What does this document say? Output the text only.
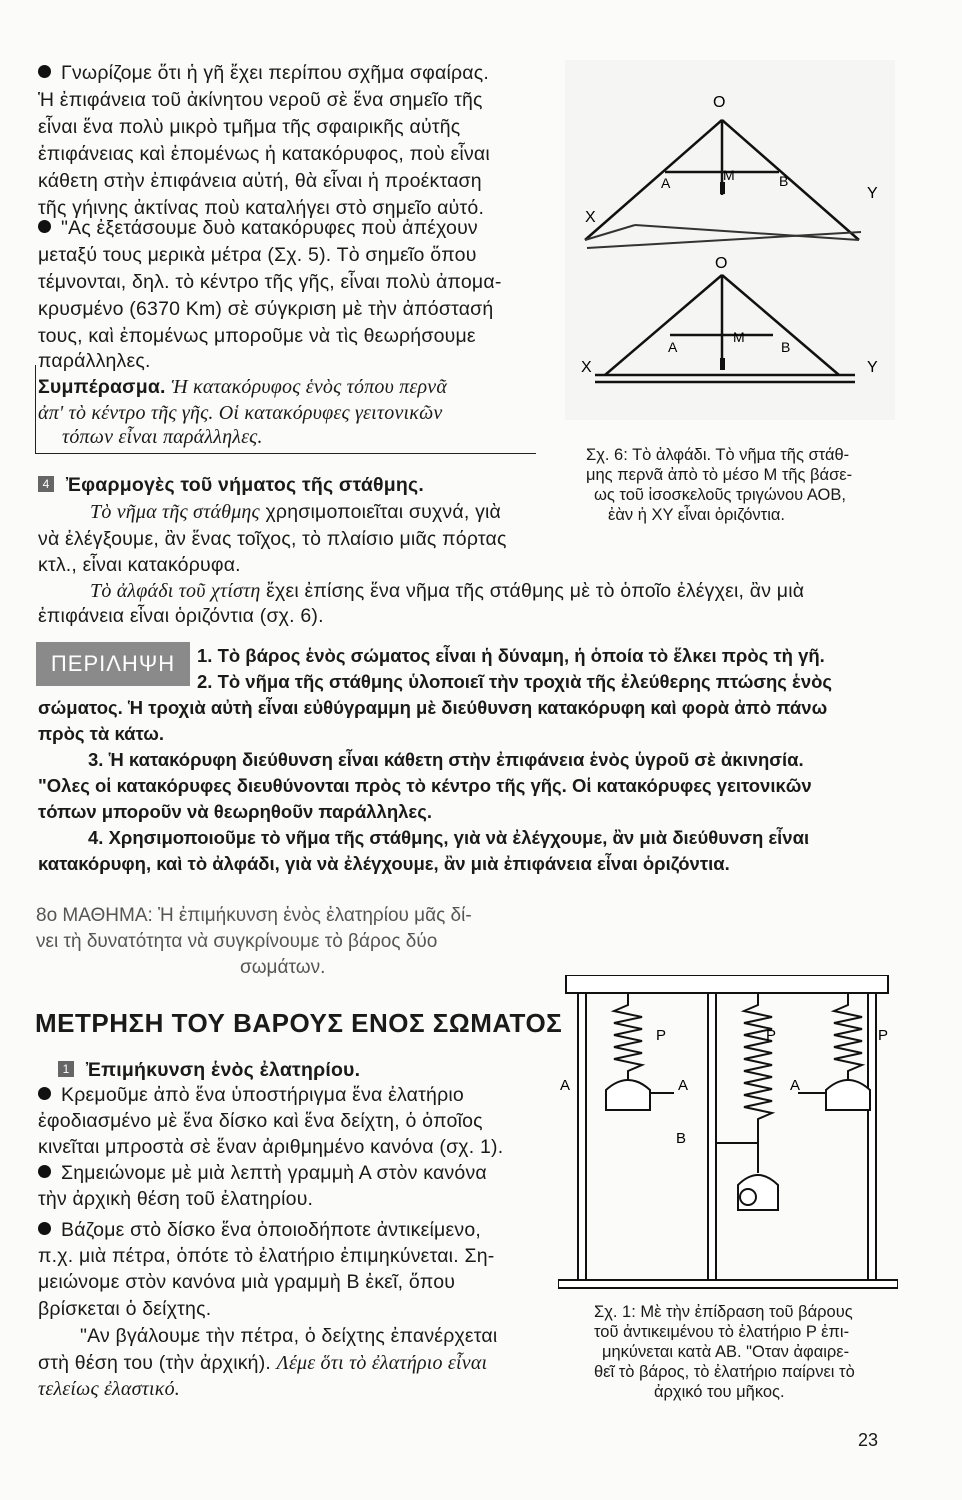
Γνωρίζομε ὅτι ἡ γῆ ἔχει περίπου σχῆμα σφαίρας.
Ἡ ἐπιφάνεια τοῦ ἀκίνητου νεροῦ σὲ ἕνα σημεῖο τῆς
εἶναι ἕνα πολὺ μικρὸ τμῆμα τῆς σφαιρικῆς αὐτῆς
ἐπιφάνειας καὶ ἐπομένως ἡ κατακόρυφος, ποὺ εἶναι
κάθετη στὴν ἐπιφάνεια αὐτή, θὰ εἶναι ἡ προέκταση
τῆς γήινης ἀκτίνας ποὺ καταλήγει στὸ σημεῖο αὐτό.
"Ας ἐξετάσουμε δυὸ κατακόρυφες ποὺ ἀπέχουν
μεταξύ τους μερικὰ μέτρα (Σχ. 5). Τὸ σημεῖο ὅπου
τέμνονται, δηλ. τὸ κέντρο τῆς γῆς, εἶναι πολὺ ἀπομα-
κρυσμένο (6370 Km) σὲ σύγκριση μὲ τὴν ἀπόστασή
τους, καὶ ἐπομένως μποροῦμε νὰ τὶς θεωρήσουμε
παράλληλες.
Συμπέρασμα. Ἡ κατακόρυφος ἑνὸς τόπου περνᾶ
ἀπ' τὸ κέντρο τῆς γῆς. Οἱ κατακόρυφες γειτονικῶν
τόπων εἶναι παράλληλες.
4 Ἐφαρμογὲς τοῦ νήματος τῆς στάθμης.
Τὸ νῆμα τῆς στάθμης χρησιμοποιεῖται συχνά, γιὰ
νὰ ἐλέγξουμε, ἂν ἕνας τοῖχος, τὸ πλαίσιο μιᾶς πόρτας
κτλ., εἶναι κατακόρυφα.
Τὸ ἀλφάδι τοῦ χτίστη ἔχει ἐπίσης ἕνα νῆμα τῆς στάθμης μὲ τὸ ὁποῖο ἐλέγχει, ἂν μιὰ
ἐπιφάνεια εἶναι ὁριζόντια (σχ. 6).
O
A	M	B
X
Y
O
A
M
B
X	Y
Σχ. 6: Τὸ ἀλφάδι. Τὸ νῆμα τῆς στάθ-
μης περνᾶ ἀπὸ τὸ μέσο Μ τῆς βάσε-
ως τοῦ ἰσοσκελοῦς τριγώνου ΑΟΒ,
ἐὰν ἡ ΧΥ εἶναι ὁριζόντια.
ΠΕΡΙΛΗΨΗ	1. Τὸ βάρος ἑνὸς σώματος εἶναι ἡ δύναμη, ἡ ὁποία τὸ ἕλκει πρὸς τὴ γῆ.
2. Τὸ νῆμα τῆς στάθμης ὑλοποιεῖ τὴν τροχιὰ τῆς ἐλεύθερης πτώσης ἑνὸς
σώματος. Ἡ τροχιὰ αὐτὴ εἶναι εὐθύγραμμη μὲ διεύθυνση κατακόρυφη καὶ φορὰ ἀπὸ πάνω
πρὸς τὰ κάτω.
3. Ἡ κατακόρυφη διεύθυνση εἶναι κάθετη στὴν ἐπιφάνεια ἑνὸς ὑγροῦ σὲ ἀκινησία.
"Ολες οἱ κατακόρυφες διευθύνονται πρὸς τὸ κέντρο τῆς γῆς. Οἱ κατακόρυφες γειτονικῶν
τόπων μποροῦν νὰ θεωρηθοῦν παράλληλες.
4. Χρησιμοποιοῦμε τὸ νῆμα τῆς στάθμης, γιὰ νὰ ἐλέγχουμε, ἂν μιὰ διεύθυνση εἶναι
κατακόρυφη, καὶ τὸ ἀλφάδι, γιὰ νὰ ἐλέγχουμε, ἂν μιὰ ἐπιφάνεια εἶναι ὁριζόντια.
8ο ΜΑΘΗΜΑ: Ἡ ἐπιμήκυνση ἑνὸς ἐλατηρίου μᾶς δί-
νει τὴ δυνατότητα νὰ συγκρίνουμε τὸ βάρος δύο
σωμάτων.
ΜΕΤΡΗΣΗ ΤΟΥ ΒΑΡΟΥΣ ΕΝΟΣ ΣΩΜΑΤΟΣ
1 Ἐπιμήκυνση ἑνὸς ἐλατηρίου.
Κρεμοῦμε ἀπὸ ἕνα ὑποστήριγμα ἕνα ἐλατήριο
ἐφοδιασμένο μὲ ἕνα δίσκο καὶ ἕνα δείχτη, ὁ ὁποῖος
κινεῖται μπροστὰ σὲ ἕναν ἀριθμημένο κανόνα (σχ. 1).
Σημειώνομε μὲ μιὰ λεπτὴ γραμμὴ Α στὸν κανόνα
τὴν ἀρχικὴ θέση τοῦ ἐλατηρίου.
Βάζομε στὸ δίσκο ἕνα ὁποιοδήποτε ἀντικείμενο,
π.χ. μιὰ πέτρα, ὁπότε τὸ ἐλατήριο ἐπιμηκύνεται. Ση-
μειώνομε στὸν κανόνα μιὰ γραμμὴ Β ἐκεῖ, ὅπου
βρίσκεται ὁ δείχτης.
"Αν βγάλουμε τὴν πέτρα, ὁ δείχτης ἐπανέρχεται
στὴ θέση του (τὴν ἀρχική). Λέμε ὅτι τὸ ἐλατήριο εἶναι
τελείως ἐλαστικό.
P	P	P
A	A	A
B
Σχ. 1: Μὲ τὴν ἐπίδραση τοῦ βάρους
τοῦ ἀντικειμένου τὸ ἐλατήριο Ρ ἐπι-
μηκύνεται κατὰ ΑΒ. "Οταν ἀφαιρε-
θεῖ τὸ βάρος, τὸ ἐλατήριο παίρνει τὸ
ἀρχικό του μῆκος.
23
